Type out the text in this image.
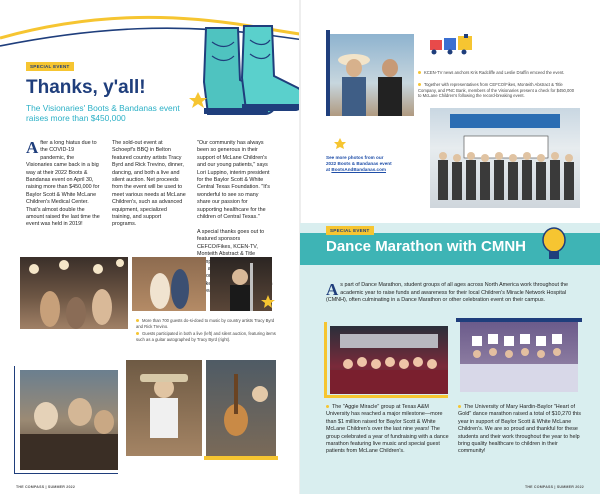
SPECIAL EVENT
Thanks, y'all!
The Visionaries' Boots & Bandanas event raises more than $450,000
After a long hiatus due to the COVID-19 pandemic, the Visionaries came back in a big way at their 2022 Boots & Bandanas event on April 30, raising more than $450,000 for Baylor Scott & White McLane Children's Medical Center. That's almost double the amount raised the last time the event was held in 2019!
The sold-out event at Schoepf's BBQ in Belton featured country artists Tracy Byrd and Rick Trevino, dinner, dancing, and both a live and silent auction. Net proceeds from the event will be used to meet various needs at McLane Children's, such as advanced equipment, specialized training, and support programs.
"Our community has always been so generous in their support of McLane Children's and our young patients," says Lori Luppino, interim president for the Baylor Scott & White Central Texas Foundation. "It's wonderful to see so many share our passion for supporting healthcare for the children of Central Texas."

A special thanks goes out to featured sponsors CEFCO/Fikes, KCEN-TV, Monteith Abstract & Title great
More than 700 guests do-si-doed to music by country artists Tracy Byrd and Rick Trevino.
Guests participated in both a live (left) and silent auction, featuring items such as a guitar autographed by Tracy Byrd (right).
THE COMPASS | SUMMER 2022
KCEN-TV news anchors Kris Radcliffe and Leslie Draffin emceed the event.
Together with representatives from CEFCO/Fikes, Monteith Abstract & Title Company, and PNC Bank, members of the Visionaries present a check for $450,000 to McLane Children's following the record-breaking event.
See more photos from our
2022 Boots & Bandanas event
at BootsAndBandanas.com
SPECIAL EVENT
Dance Marathon with CMNH
As part of Dance Marathon, student groups of all ages across North America work throughout the academic year to raise funds and awareness for their local Children's Miracle Network Hospital (CMNH), often culminating in a Dance Marathon or other celebration event on their campus.
The "Aggie Miracle" group at Texas A&M University has reached a major milestone—more than $1 million raised for Baylor Scott & White McLane Children's over the last nine years! The group celebrated a year of fundraising with a dance marathon featuring live music and special guest patients from McLane Children's.
The University of Mary Hardin-Baylor "Heart of Gold" dance marathon raised a total of $10,270 this year in support of Baylor Scott & White McLane Children's. We are so proud and thankful for these students and their work throughout the year to help bring quality healthcare to children in their community!
THE COMPASS | SUMMER 2022
